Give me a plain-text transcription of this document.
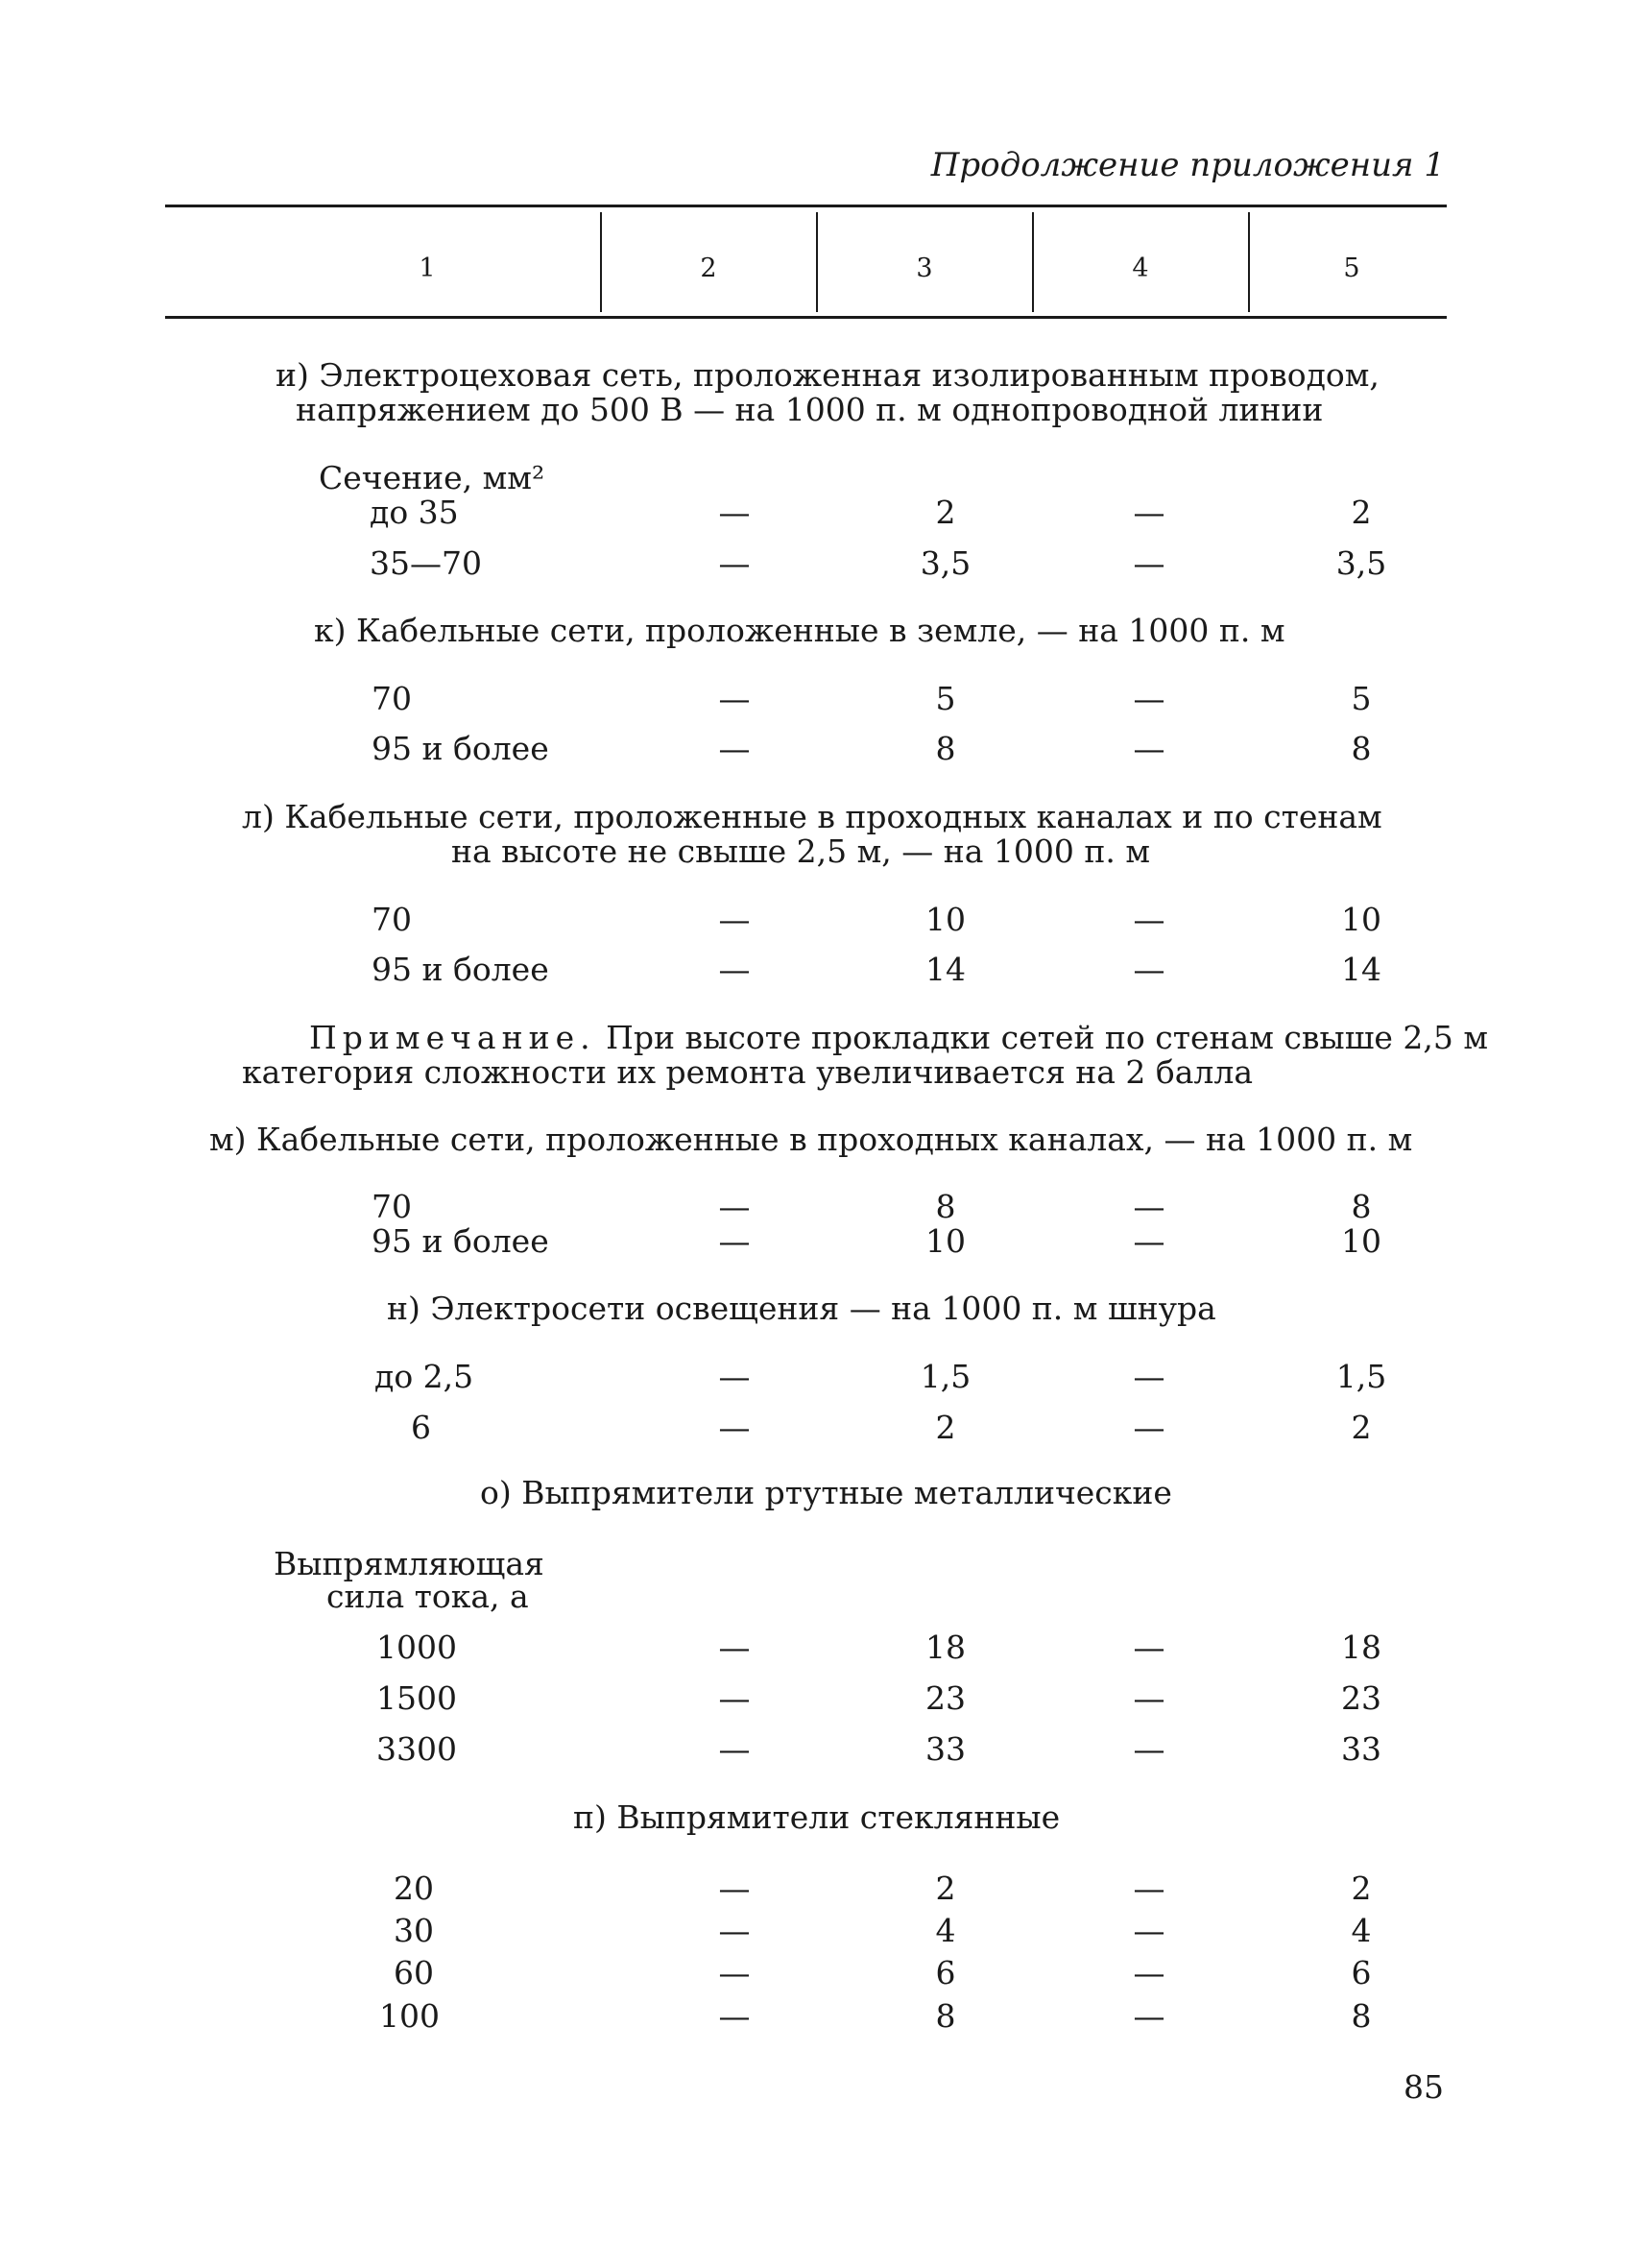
Продолжение приложения 1
1	2	3	4	5
и) Электроцеховая сеть, проложенная изолированным проводом,
напряжением до 500 В — на 1000 п. м однопроводной линии
Сечение, мм²
до 35	—	2	—	2
35—70	—	3,5	—	3,5
к) Кабельные сети, проложенные в земле, — на 1000 п. м
70	—	5	—	5
95 и более	—	8	—	8
л) Кабельные сети, проложенные в проходных каналах и по стенам
на высоте не свыше 2,5 м, — на 1000 п. м
70	—	10	—	10
95 и более	—	14	—	14
Примечание. При высоте прокладки сетей по стенам свыше 2,5 м
категория сложности их ремонта увеличивается на 2 балла
м) Кабельные сети, проложенные в проходных каналах, — на 1000 п. м
70	—	8	—	8
95 и более	—	10	—	10
н) Электросети освещения — на 1000 п. м шнура
до 2,5	—	1,5	—	1,5
6	—	2	—	2
о) Выпрямители ртутные металлические
Выпрямляющая
сила тока, а
1000	—	18	—	18
1500	—	23	—	23
3300	—	33	—	33
п) Выпрямители стеклянные
20	—	2	—	2
30	—	4	—	4
60	—	6	—	6
100	—	8	—	8
85
